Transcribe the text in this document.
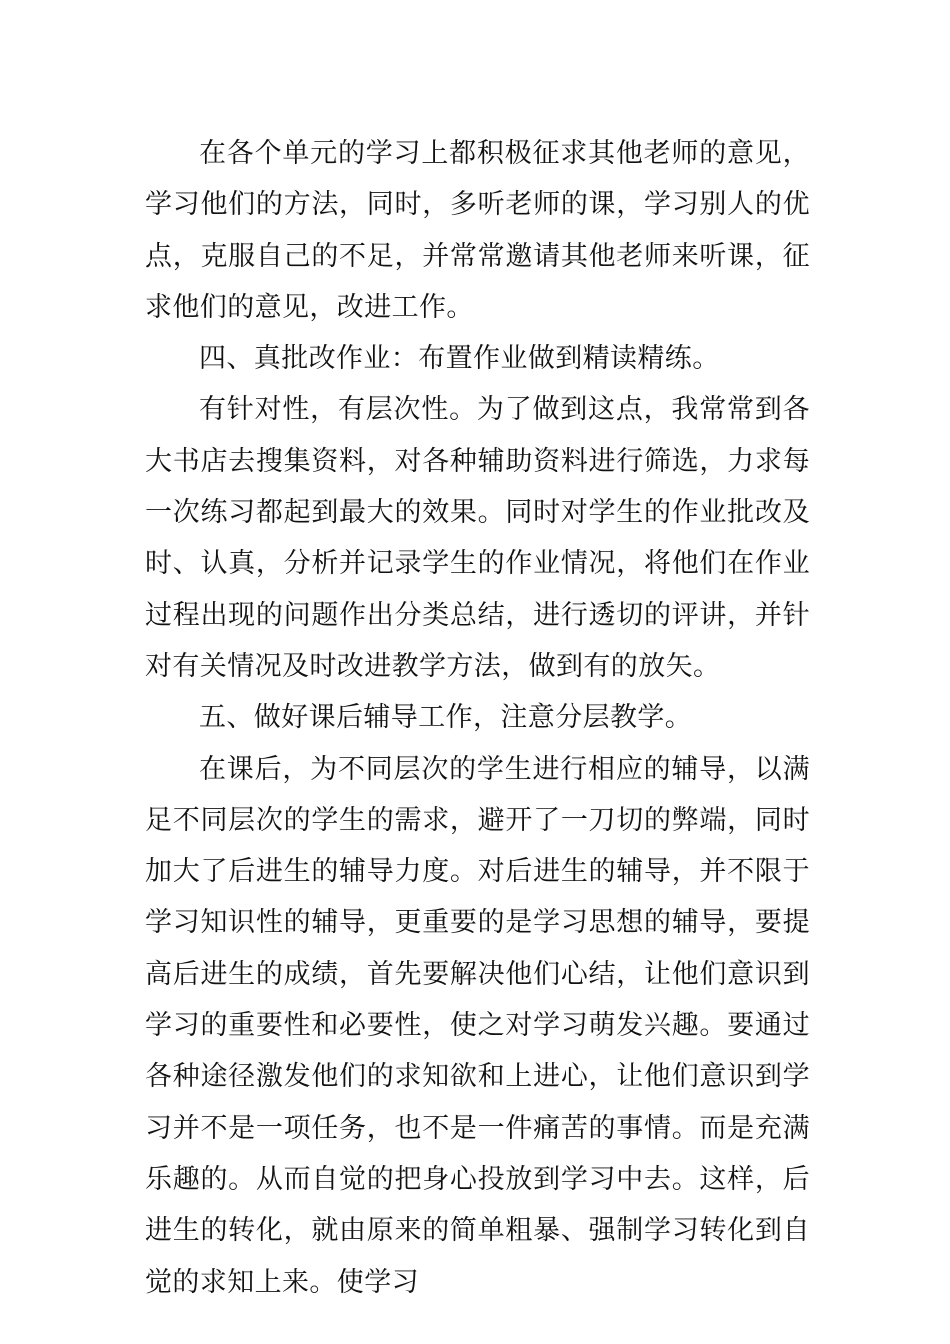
在各个单元的学习上都积极征求其他老师的意见，学习他们的方法，同时，多听老师的课，学习别人的优点，克服自己的不足，并常常邀请其他老师来听课，征求他们的意见，改进工作。

四、真批改作业：布置作业做到精读精练。

有针对性，有层次性。为了做到这点，我常常到各大书店去搜集资料，对各种辅助资料进行筛选，力求每一次练习都起到最大的效果。同时对学生的作业批改及时、认真，分析并记录学生的作业情况，将他们在作业过程出现的问题作出分类总结，进行透切的评讲，并针对有关情况及时改进教学方法，做到有的放矢。

五、做好课后辅导工作，注意分层教学。

在课后，为不同层次的学生进行相应的辅导，以满足不同层次的学生的需求，避开了一刀切的弊端，同时加大了后进生的辅导力度。对后进生的辅导，并不限于学习知识性的辅导，更重要的是学习思想的辅导，要提高后进生的成绩，首先要解决他们心结，让他们意识到学习的重要性和必要性，使之对学习萌发兴趣。要通过各种途径激发他们的求知欲和上进心，让他们意识到学习并不是一项任务，也不是一件痛苦的事情。而是充满乐趣的。从而自觉的把身心投放到学习中去。这样，后进生的转化，就由原来的简单粗暴、强制学习转化到自觉的求知上来。使学习
